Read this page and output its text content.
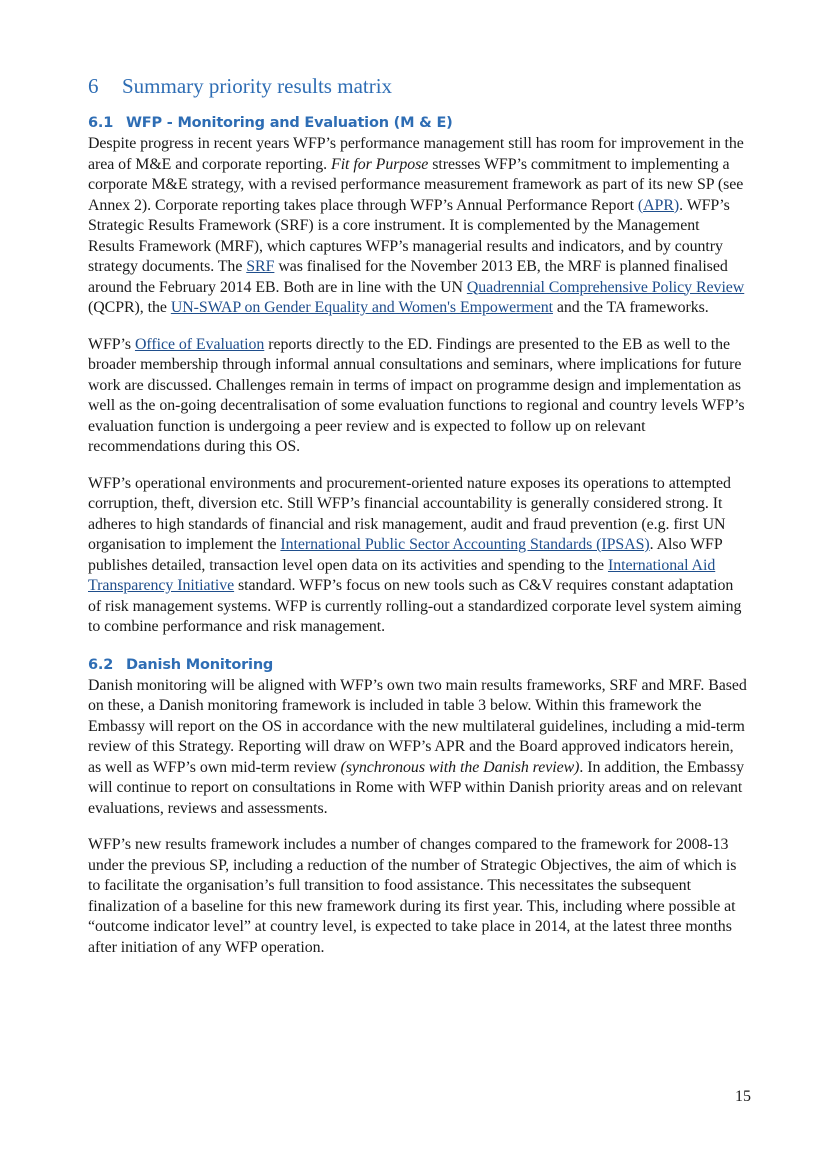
6 Summary priority results matrix
6.1 WFP - Monitoring and Evaluation (M & E)

Despite progress in recent years WFP’s performance management still has room for improvement in the area of M&E and corporate reporting. Fit for Purpose stresses WFP’s commitment to implementing a corporate M&E strategy, with a revised performance measurement framework as part of its new SP (see Annex 2). Corporate reporting takes place through WFP’s Annual Performance Report (APR). WFP’s Strategic Results Framework (SRF) is a core instrument. It is complemented by the Management Results Framework (MRF), which captures WFP’s managerial results and indicators, and by country strategy documents. The SRF was finalised for the November 2013 EB, the MRF is planned finalised around the February 2014 EB. Both are in line with the UN Quadrennial Comprehensive Policy Review (QCPR), the UN-SWAP on Gender Equality and Women's Empowerment and the TA frameworks.

WFP’s Office of Evaluation reports directly to the ED. Findings are presented to the EB as well to the broader membership through informal annual consultations and seminars, where implications for future work are discussed. Challenges remain in terms of impact on programme design and implementation as well as the on-going decentralisation of some evaluation functions to regional and country levels WFP’s evaluation function is undergoing a peer review and is expected to follow up on relevant recommendations during this OS.

WFP’s operational environments and procurement-oriented nature exposes its operations to attempted corruption, theft, diversion etc. Still WFP’s financial accountability is generally considered strong. It adheres to high standards of financial and risk management, audit and fraud prevention (e.g. first UN organisation to implement the International Public Sector Accounting Standards (IPSAS). Also WFP publishes detailed, transaction level open data on its activities and spending to the International Aid Transparency Initiative standard. WFP’s focus on new tools such as C&V requires constant adaptation of risk management systems. WFP is currently rolling-out a standardized corporate level system aiming to combine performance and risk management.

6.2 Danish Monitoring

Danish monitoring will be aligned with WFP’s own two main results frameworks, SRF and MRF. Based on these, a Danish monitoring framework is included in table 3 below. Within this framework the Embassy will report on the OS in accordance with the new multilateral guidelines, including a mid-term review of this Strategy. Reporting will draw on WFP’s APR and the Board approved indicators herein, as well as WFP’s own mid-term review (synchronous with the Danish review). In addition, the Embassy will continue to report on consultations in Rome with WFP within Danish priority areas and on relevant evaluations, reviews and assessments.

WFP’s new results framework includes a number of changes compared to the framework for 2008-13 under the previous SP, including a reduction of the number of Strategic Objectives, the aim of which is to facilitate the organisation’s full transition to food assistance. This necessitates the subsequent finalization of a baseline for this new framework during its first year. This, including where possible at “outcome indicator level” at country level, is expected to take place in 2014, at the latest three months after initiation of any WFP operation.

15
